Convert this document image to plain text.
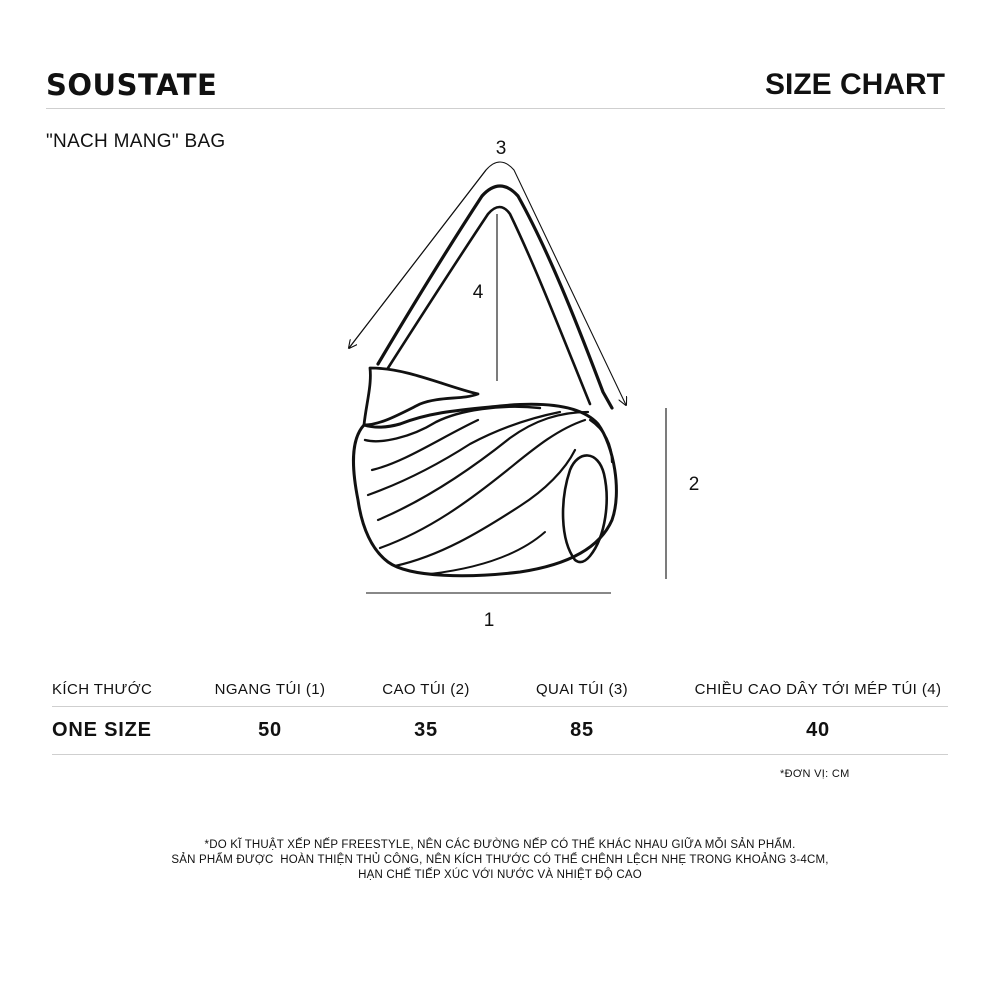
SOUSTATE	SIZE CHART
"NACH MANG" BAG	3
4
2
1
KÍCH THƯỚC	NGANG TÚI (1)	CAO TÚI (2)	QUAI TÚI (3)	CHIỀU CAO DÂY TỚI MÉP TÚI (4)
ONE SIZE	50	35	85	40
*ĐƠN VỊ: CM
*DO KĨ THUẬT XẾP NẾP FREESTYLE, NÊN CÁC ĐƯỜNG NẾP CÓ THỂ KHÁC NHAU GIỮA MỖI SẢN PHẨM.
SẢN PHẨM ĐƯỢC  HOÀN THIỆN THỦ CÔNG, NÊN KÍCH THƯỚC CÓ THỂ CHÊNH LỆCH NHẸ TRONG KHOẢNG 3-4CM,
HẠN CHẾ TIẾP XÚC VỚI NƯỚC VÀ NHIỆT ĐỘ CAO
